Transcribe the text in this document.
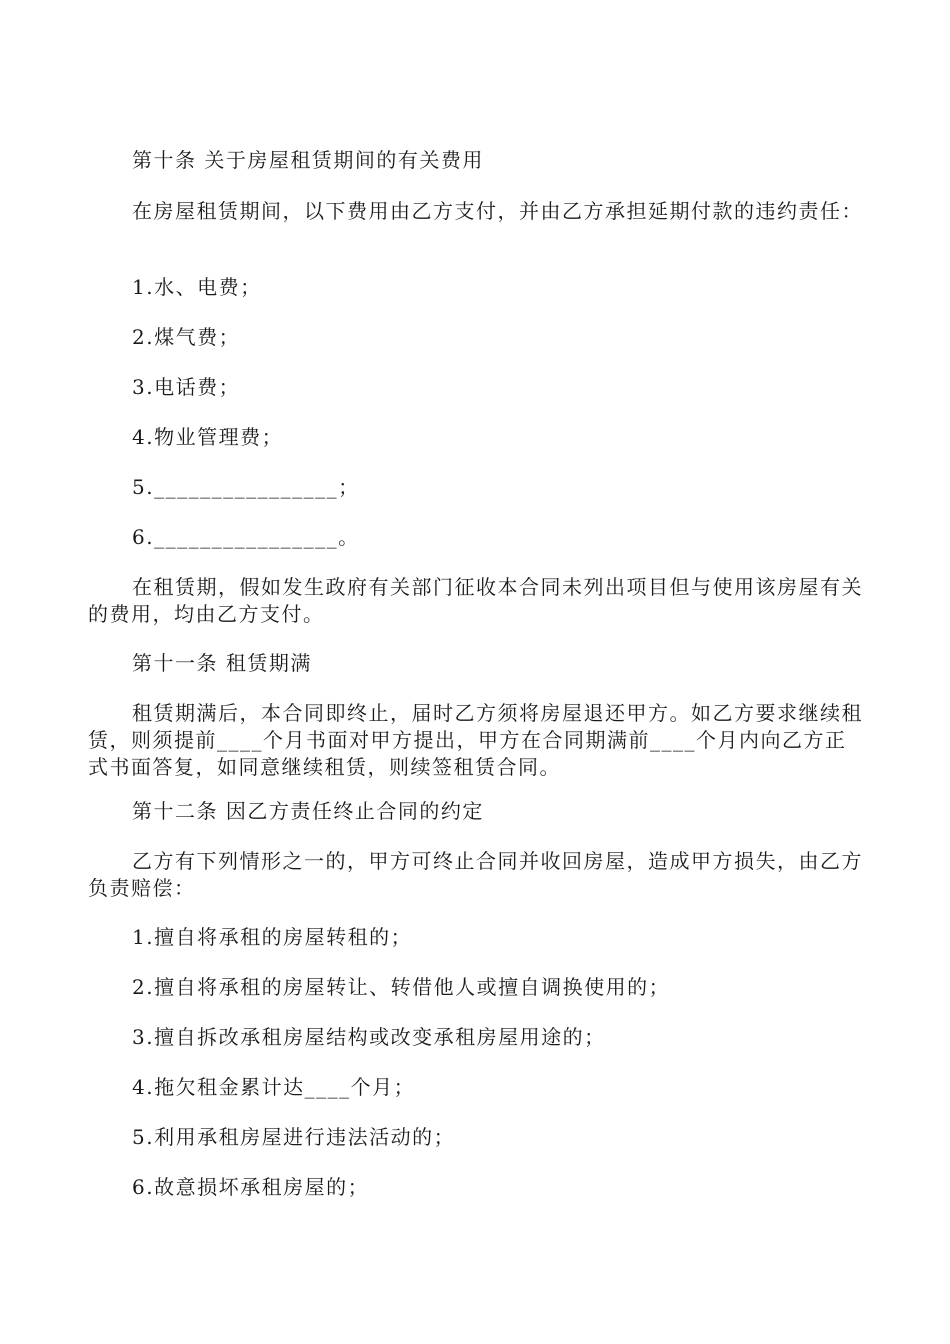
第十条 关于房屋租赁期间的有关费用

在房屋租赁期间，以下费用由乙方支付，并由乙方承担延期付款的违约责任：

1.水、电费；

2.煤气费；

3.电话费；

4.物业管理费；

5.________________；

6.________________。

在租赁期，假如发生政府有关部门征收本合同未列出项目但与使用该房屋有关的费用，均由乙方支付。

第十一条 租赁期满

租赁期满后，本合同即终止，届时乙方须将房屋退还甲方。如乙方要求继续租赁，则须提前____个月书面对甲方提出，甲方在合同期满前____个月内向乙方正式书面答复，如同意继续租赁，则续签租赁合同。

第十二条 因乙方责任终止合同的约定

乙方有下列情形之一的，甲方可终止合同并收回房屋，造成甲方损失，由乙方负责赔偿：

1.擅自将承租的房屋转租的；

2.擅自将承租的房屋转让、转借他人或擅自调换使用的；

3.擅自拆改承租房屋结构或改变承租房屋用途的；

4.拖欠租金累计达____个月；

5.利用承租房屋进行违法活动的；

6.故意损坏承租房屋的；
